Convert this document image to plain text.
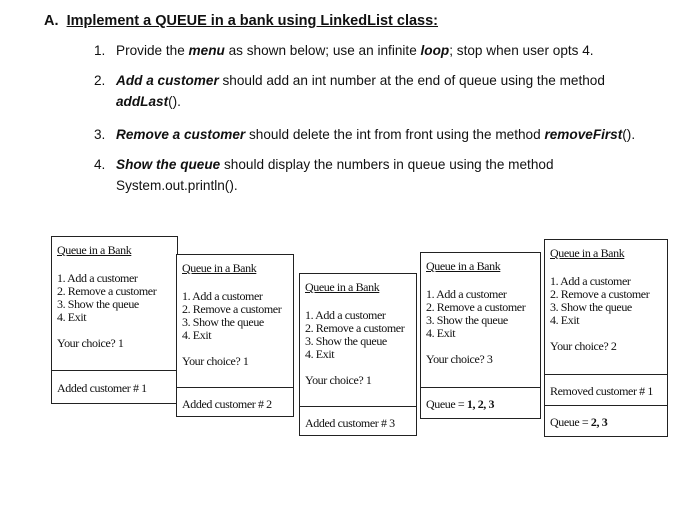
A. Implement a QUEUE in a bank using LinkedList class:
1. Provide the menu as shown below; use an infinite loop; stop when user opts 4.
2. Add a customer should add an int number at the end of queue using the method
addLast().
3. Remove a customer should delete the int from front using the method removeFirst().
4. Show the queue should display the numbers in queue using the method
System.out.println().
Queue in a Bank
1. Add a customer
2. Remove a customer
3. Show the queue
4. Exit
Your choice? 1
Added customer # 1
Queue in a Bank
1. Add a customer
2. Remove a customer
3. Show the queue
4. Exit
Your choice? 1
Added customer # 2
Queue in a Bank
1. Add a customer
2. Remove a customer
3. Show the queue
4. Exit
Your choice? 1
Added customer # 3
Queue in a Bank
1. Add a customer
2. Remove a customer
3. Show the queue
4. Exit
Your choice? 3
Queue = 1, 2, 3
Queue in a Bank
1. Add a customer
2. Remove a customer
3. Show the queue
4. Exit
Your choice? 2
Removed customer # 1
Queue = 2, 3
